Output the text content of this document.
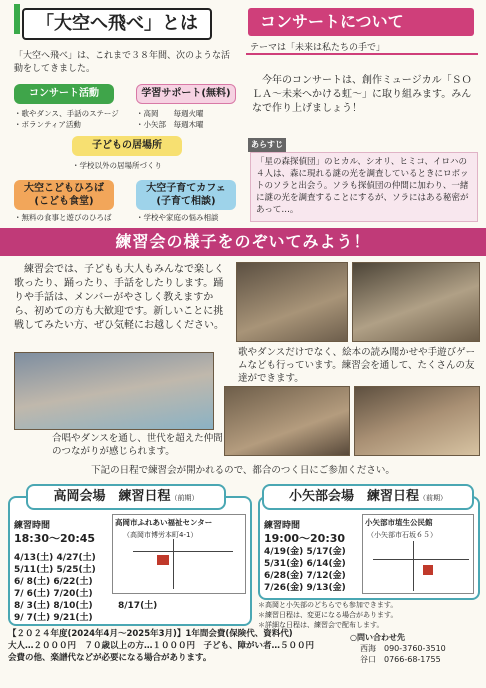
「大空へ飛べ」とは
「大空へ飛べ」は、これまで３８年間、次のような活動をしてきました。
コンサート活動
・歌やダンス、手話のステージ
・ボランティア活動
学習サポート(無料)
・高岡　　毎週火曜
・小矢部　毎週木曜
子どもの居場所
・学校以外の居場所づくり
大空こどもひろば
(こども食堂)
・無料の食事と遊びのひろば
大空子育てカフェ
(子育て相談)
・学校や家庭の悩み相談
コンサートについて
テーマは「未来は私たちの手で」
今年のコンサートは、創作ミュージカル「ＳＯＬＡ～未来へかける虹～」に取り組みます。みんなで作り上げましょう！
あらすじ
「星の森探偵団」のヒカル、シオリ、ヒミコ、イロハの４人は、森に現れる謎の光を調査しているときにロボットのソラと出会う。ソラも探偵団の仲間に加わり、一緒に謎の光を調査することにするが、ソラにはある秘密があって…。
練習会の様子をのぞいてみよう！
練習会では、子どもも大人もみんなで楽しく歌ったり、踊ったり、手話をしたりします。踊りや手話は、メンバーがやさしく教えますから、初めての方も大歓迎です。新しいことに挑戦してみたい方、ぜひ気軽にお越しください。
歌やダンスだけでなく、絵本の読み聞かせや手遊びゲームなども行っています。練習会を通して、たくさんの友達ができます。
合唱やダンスを通し、世代を超えた仲間のつながりが感じられます。
下記の日程で練習会が開かれるので、都合のつく日にご参加ください。
高岡会場　練習日程（前期）
練習時間
18:30～20:45
4/13(土) 4/27(土)
5/11(土) 5/25(土)
6/ 8(土) 6/22(土)
7/ 6(土) 7/20(土)
8/ 3(土) 8/10(土)
9/ 7(土) 9/21(土)
8/17(土)
高岡市ふれあい福祉センター
（高岡市博労本町4-1）
小矢部会場　練習日程（前期）
練習時間
19:00～20:30
4/19(金) 5/17(金)
5/31(金) 6/14(金)
6/28(金) 7/12(金)
7/26(金) 9/13(金)
小矢部市埴生公民館
（小矢部市石坂６５）
＊高岡と小矢部のどちらでも参加できます。
＊練習日程は、変更になる場合があります。
＊詳細な日程は、練習会で配布します。
【２０２４年度(2024年4月～2025年3月)】1年間会費(保険代、資料代)
大人…２０００円　７０歳以上の方…１０００円　子ども、障がい者…５００円
会費の他、楽譜代などが必要になる場合があります。
○問い合わせ先
西海　090-3760-3510
谷口　0766-68-1755
